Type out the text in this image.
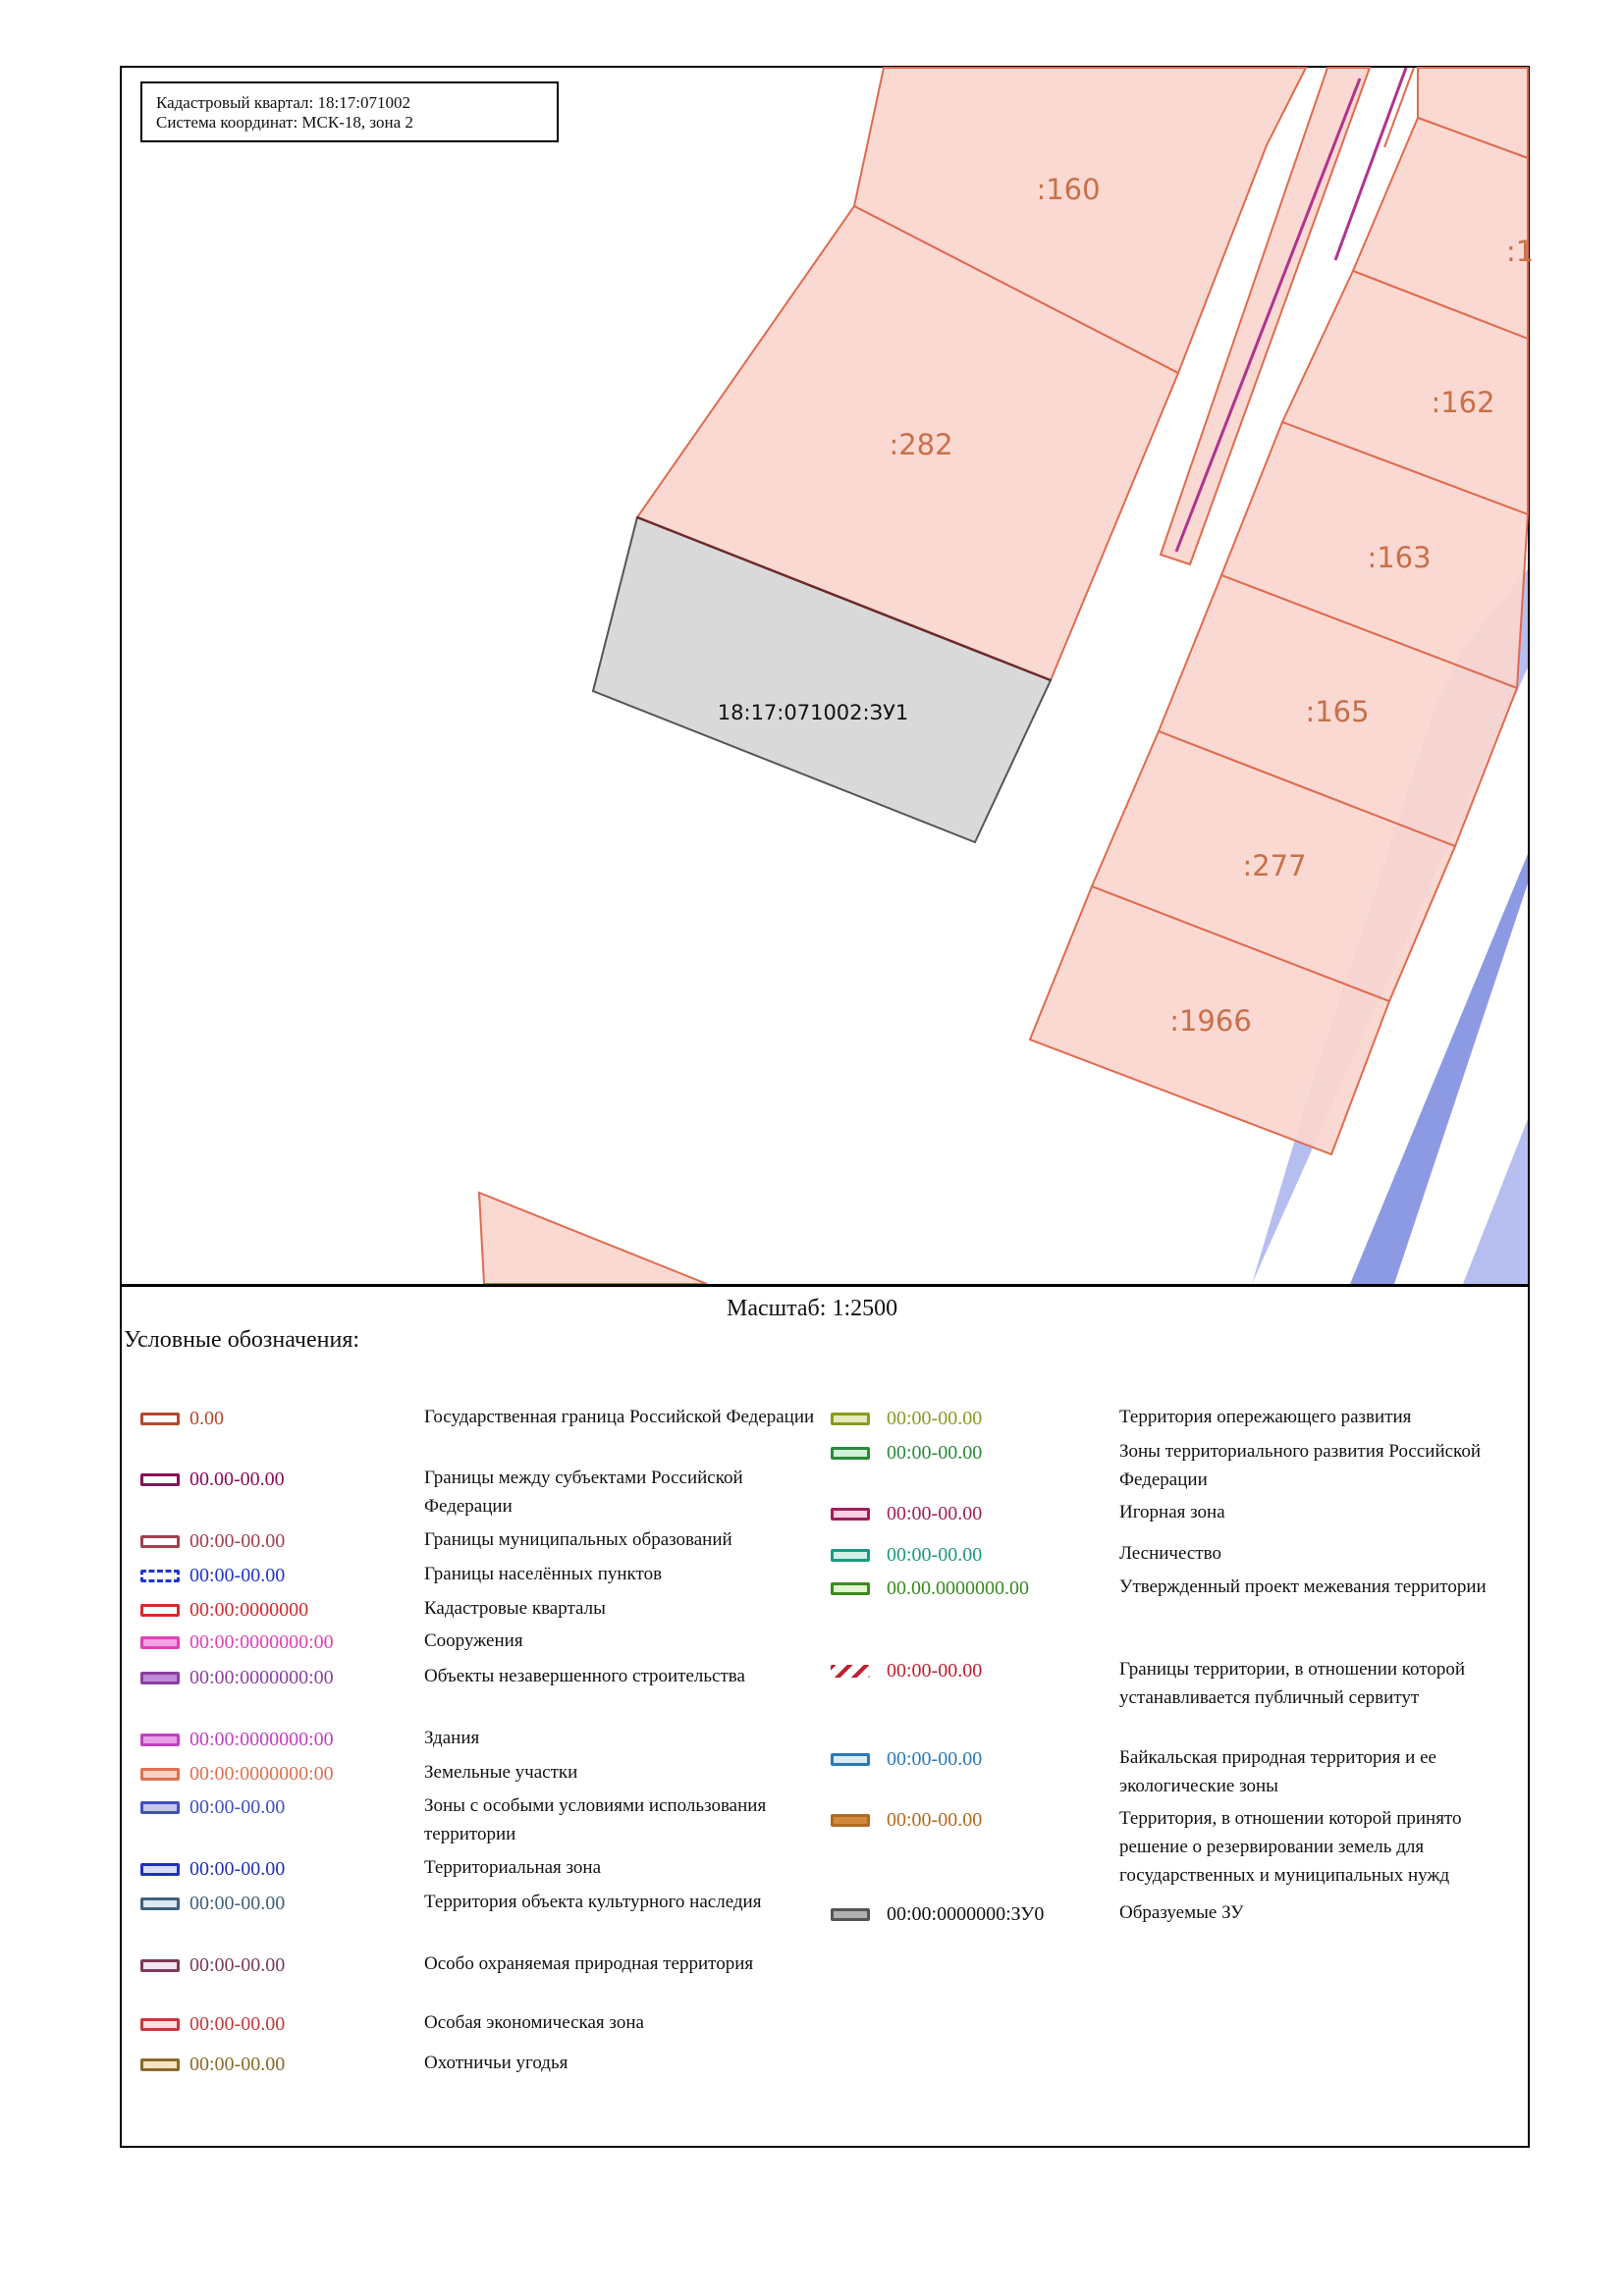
:160
:282
:162
:163
:165
:277
:1966
:1
18:17:071002:ЗУ1
Кадастровый квартал: 18:17:071002
Система координат: МСК-18, зона 2
Масштаб: 1:2500
Условные обозначения:
0.00	Государственная граница Российской Федерации
00.00-00.00	Границы между субъектами Российской Федерации
00:00-00.00	Границы муниципальных образований
00:00-00.00	Границы населённых пунктов
00:00:0000000	Кадастровые кварталы
00:00:0000000:00	Сооружения
00:00:0000000:00	Объекты незавершенного строительства
00:00:0000000:00	Здания
00:00:0000000:00	Земельные участки
00:00-00.00	Зоны с особыми условиями использования территории
00:00-00.00	Территориальная зона
00:00-00.00	Территория объекта культурного наследия
00:00-00.00	Особо охраняемая природная территория
00:00-00.00	Особая экономическая зона
00:00-00.00	Охотничьи угодья
00:00-00.00	Территория опережающего развития
00:00-00.00	Зоны территориального развития Российской Федерации
00:00-00.00	Игорная зона
00:00-00.00	Лесничество
00.00.0000000.00	Утвержденный проект межевания территории
00:00-00.00	Границы территории, в отношении которой устанавливается публичный сервитут
00:00-00.00	Байкальская природная территория и ее экологические зоны
00:00-00.00	Территория, в отношении которой принято решение о резервировании земель для государственных и муниципальных нужд
00:00:0000000:ЗУ0	Образуемые ЗУ
